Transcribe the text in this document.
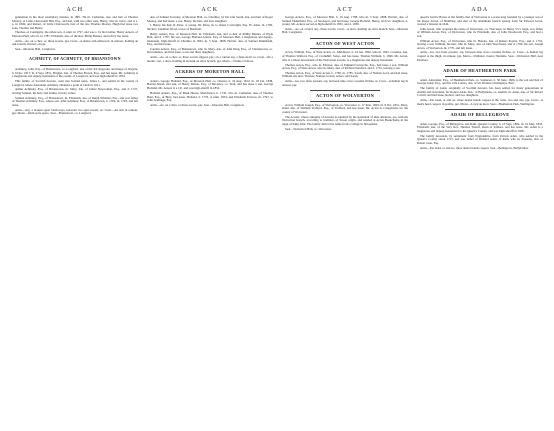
ACH

gentleman in the most exemplary manner, in 1801. He m. Catherine, dau. and heir of Thomas Mosley, of Little Chatsworth Hill, Esq., and had, with two other sons, Henry, who m. twice, and d. s. p. in 1849; and Robert, of Little Chatsworth, heir of the late Thomas Mosley. Hugh had issue two sons, Thomas and Henry.

Thomas, of Coningsby, the eldest son, d. unm. in 1797, and was s. by his brother, Henry Ackers, of Moreton Hall, who m. in 1787, Elizabeth, dau. of the Rev. Philip Bennet, and left by her issue.

Arms—Az. on a chev. or, three acorns, ppr. Crest—A dexter arm embowed, in armour, holding an oak branch, fructed, all ppr.

Seat—Moreton Hall, Congleton.

ACHMUTY, OF ACHMUTY, OF BRIANSTOWN

Achmuty, John, Esq., of Brianstown, co. Longford, late of the 3rd dragoons, and major of brigade, b. 6 Dec. 1817; m. 9 Sept. 1851, Bridget, dau. of Thomas Brown, Esq., and has issue. Mr. Achmuty is a magistrate and deputy-lieutenant of the county of Longford, and was high-sheriff in 1834.

This family, of Scottish descent, went into Ireland temp. James I., and settled in the county of Longford, where Alexander Achmuty obtained a grant of lands in 1621.

Arthur Achmuty, Esq., of Brianstown, m. Mary, dau. of James Newcomen, Esq., and d. 1727, leaving Samuel, his heir; and Arthur, in holy orders.

Samuel Achmuty, Esq., of Brianstown, m. Elizabeth, dau. of Ralph Whistler, Esq., and was father of Thomas Achmuty, Esq., whose son, John Achmuty, Esq., of Brianstown, b. 1766, m. 1793, and left issue.

Arms—Arg. a broken spear bend-ways, between two spur-rowels, az. Crest—An arm in armour, ppr. Motto—Dum spiro spero. Seat—Brianstown, co. Longford.

ACK

dau. of Samuel Townley, of Moreton Hall, co. Cheshire, by his wife Sarah, dau. and heir of Roger Mosley, and had issue, a son, Henry, his heir, and four daughters.

I. Henry, his heir. II. Peter, d. young. III. Mary, m. to James Cartwright, Esq. IV. Anne, m. 1790, the Rev. Jonathan Wood, rector of Bradwall.

Henry Ackers, Esq. of Moreton Hall, m. Elizabeth, dau. and co-heir of Phillip Bennet, of Hyde Hall, and d. 1787; his son, George Holland Ackers, Esq. of Moreton Hall, a magistrate and deputy-lieutenant, high-sheriff of Cheshire in 1832, m. 5 Sept. 1808, Harriet, dau. of Samuel Dukinfield, Esq., and had issue.

Captain Ackers, Esq., of Brianstown, who m. Mary, dau. of John King, Esq., of Charlestown, co. Roscommon, and had issue, a son and three daughters.

Arms—Az. on a chev. or, three acorns slipped, ppr.; on a canton arg. a fleur-de-lis sa. Crest—On a mount, vert, a dove, holding in its beak an olive branch, ppr. Motto—Virtute et labore.

ACKERS OF MORETON HALL

Ackers, George Holland, Esq., of Moreton Hall, co. Chester, b. 19 Aug. 1812; m. 18 Jan. 1838, Harriet-Susan, 2nd dau. of Henry Dalton, Esq., of Beverley, co. York, and has issue a son, George Holland. Mr. Ackers is a J.P., and was high-sheriff in 1852.

Holland Ackers, Esq., of Bank House, Manchester, b. 1745, who m. Catherine, dau. of Thomas Bent, Esq., of Bury, had issue, Holland, b. 1776, d. unm. 1834; and Elizabeth Frances, m. 1797, to John Armitage, Esq.

Arms—Az. on a chev. or three acorns, ppr. Seat—Moreton Hall, Congleton.

ACT

George Ackers, Esq., of Moreton Hall, b. 19 Aug. 1788, who m. 5 Sept. 1808, Harriet, dau. of Samuel Dukinfield, Esq., of Stockport, and had issue, George Holland, Henry, and two daughters, d. young. Mr. Ackers served as high-sheriff in 1832, and d. 1836.

Arms—Az. on a bend, arg., three acorns. Crest—A dove, holding an olive branch. Seat—Moreton Hall, Congleton.

ACTON OF WEST ACTON

Acton, William, Esq., of West Acton, co. Middlesex, b. 24 Jan. 1820, who m. 1845, Caroline, dau. of Thomas Walford, Esq., of Cronkhill, Salop, and has issue, Thomas William, b. 1846. Mr. Acton, who is a lineal descendant of the Wolverton Actons, is a magistrate and deputy-lieutenant.

Thomas Acton, Esq., who m. Eleanor, dau. of Edmund Lutwyche, Esq., had issue a son, William Acton, Esq., of West Acton, who m. Mary, dau. of Richard Stanford, and d. 1761, leaving a son.

Thomas Acton, Esq., of West Acton, b. 1760, m. 1785, Sarah, dau. of Nathan Lord, and had issue, William, his heir; Thomas; Nathan, in holy orders; and Sarah.

Arms—Gu. two lions passant, arg. between nine cross crosslets fitchée, or. Crest—A human leg in armour, ppr.

ACTON OF WOLVERTON

Acton, William Joseph, Esq., of Wolverton, co. Worcester, b. 17 June, 1803; m. 9 Oct. 1831, Mary, eldest dau. of William Trafford, Esq., of Trafford, and has issue. Mr. Acton is a magistrate for the county of Worcester.

The Actons, whose antiquity of descent is equalled by the splendour of their alliances, are, with the Wolverton branch, according to tradition, of Saxon origin, and resided at Acton Beauchamp in the reign of King John. The family derived its name from a village in Shropshire.

Seat—Wolverton Hall, co. Worcester.

ADA

queen's Justice Baron of the family, that of Wolverton is a scion long founded by a younger son of Sir Roger Acton, of Bumbley, and that of the Aldenham branch sprung from Sir Edward Acton, created a baronet in 1644.

John Acton, who acquired the estate of Wolverton, co. Worcester, in Henry VI.'s reign, was father of William Acton, Esq., of Wolverton, who m. Elizabeth, dau. of John Woodward, Esq., and had a son.

William Acton, Esq., of Wolverton, who m. Helena, dau. of Robert Poyntz, Esq., and d. 1719, leaving a son, William, his heir, who m. Mary, dau. of John Woodward, and d. 1760; his son, Joseph Acton, of Wolverton, m. 1770, and left issue.

Arms—Gu. two lions passant, arg. between nine cross crosslets fitchée, or. Crest—A human leg couped at the thigh, in armour, ppr. Motto—Vaillance avance l'homme. Seat—Wolverton Hall, near Pershore.

ADAIR OF HEATHERTON PARK

Adair, Alexander, Esq., of Heatherton Park, co. Somerset, b. 30 June, 1826, is the son and heir of George Adair, Esq., and his wife Louisa, dau. of Sir Thomas Champneys, Bart.

The family of Adair, originally of Scottish descent, has been settled for many generations in Antrim and in Ireland. Sir Robert Adair, Knt., of Ballymena, co. Antrim, m. Anne, dau. of Sir Robert Colvill, and had issue, Robert, and two daughters.

Arms—Per bend, or and az., three dexter hands couped at the wrist, two and one, ppr. Crest—A man's head couped, in profile, ppr. Motto—Loyal au mort. Seat—Heatherton Park, Wellington.

ADAIR OF BELLEGROVE

Adair, George, Esq., of Bellegrove, and Rath, Queen's County, b. 13 Sept. 1804, m. 16 May, 1833, Elizabeth, dau. of the Very Rev. Thomas Trench, Dean of Kildare, and has issue. Mr. Adair is a magistrate and deputy-lieutenant for the Queen's County, and was high-sheriff in 1836.

The family descends, by settlement from Wigtonshire, from Patrick Adair, who settled in the Queen's County about 1715, and was father of Richard Adair, of Rath, who m. Susanna, dau. of Robert Gale, Esq.

Arms—Per bend, or and az., three dexter hands couped. Seat—Bellegrove, Ballybrittas.
